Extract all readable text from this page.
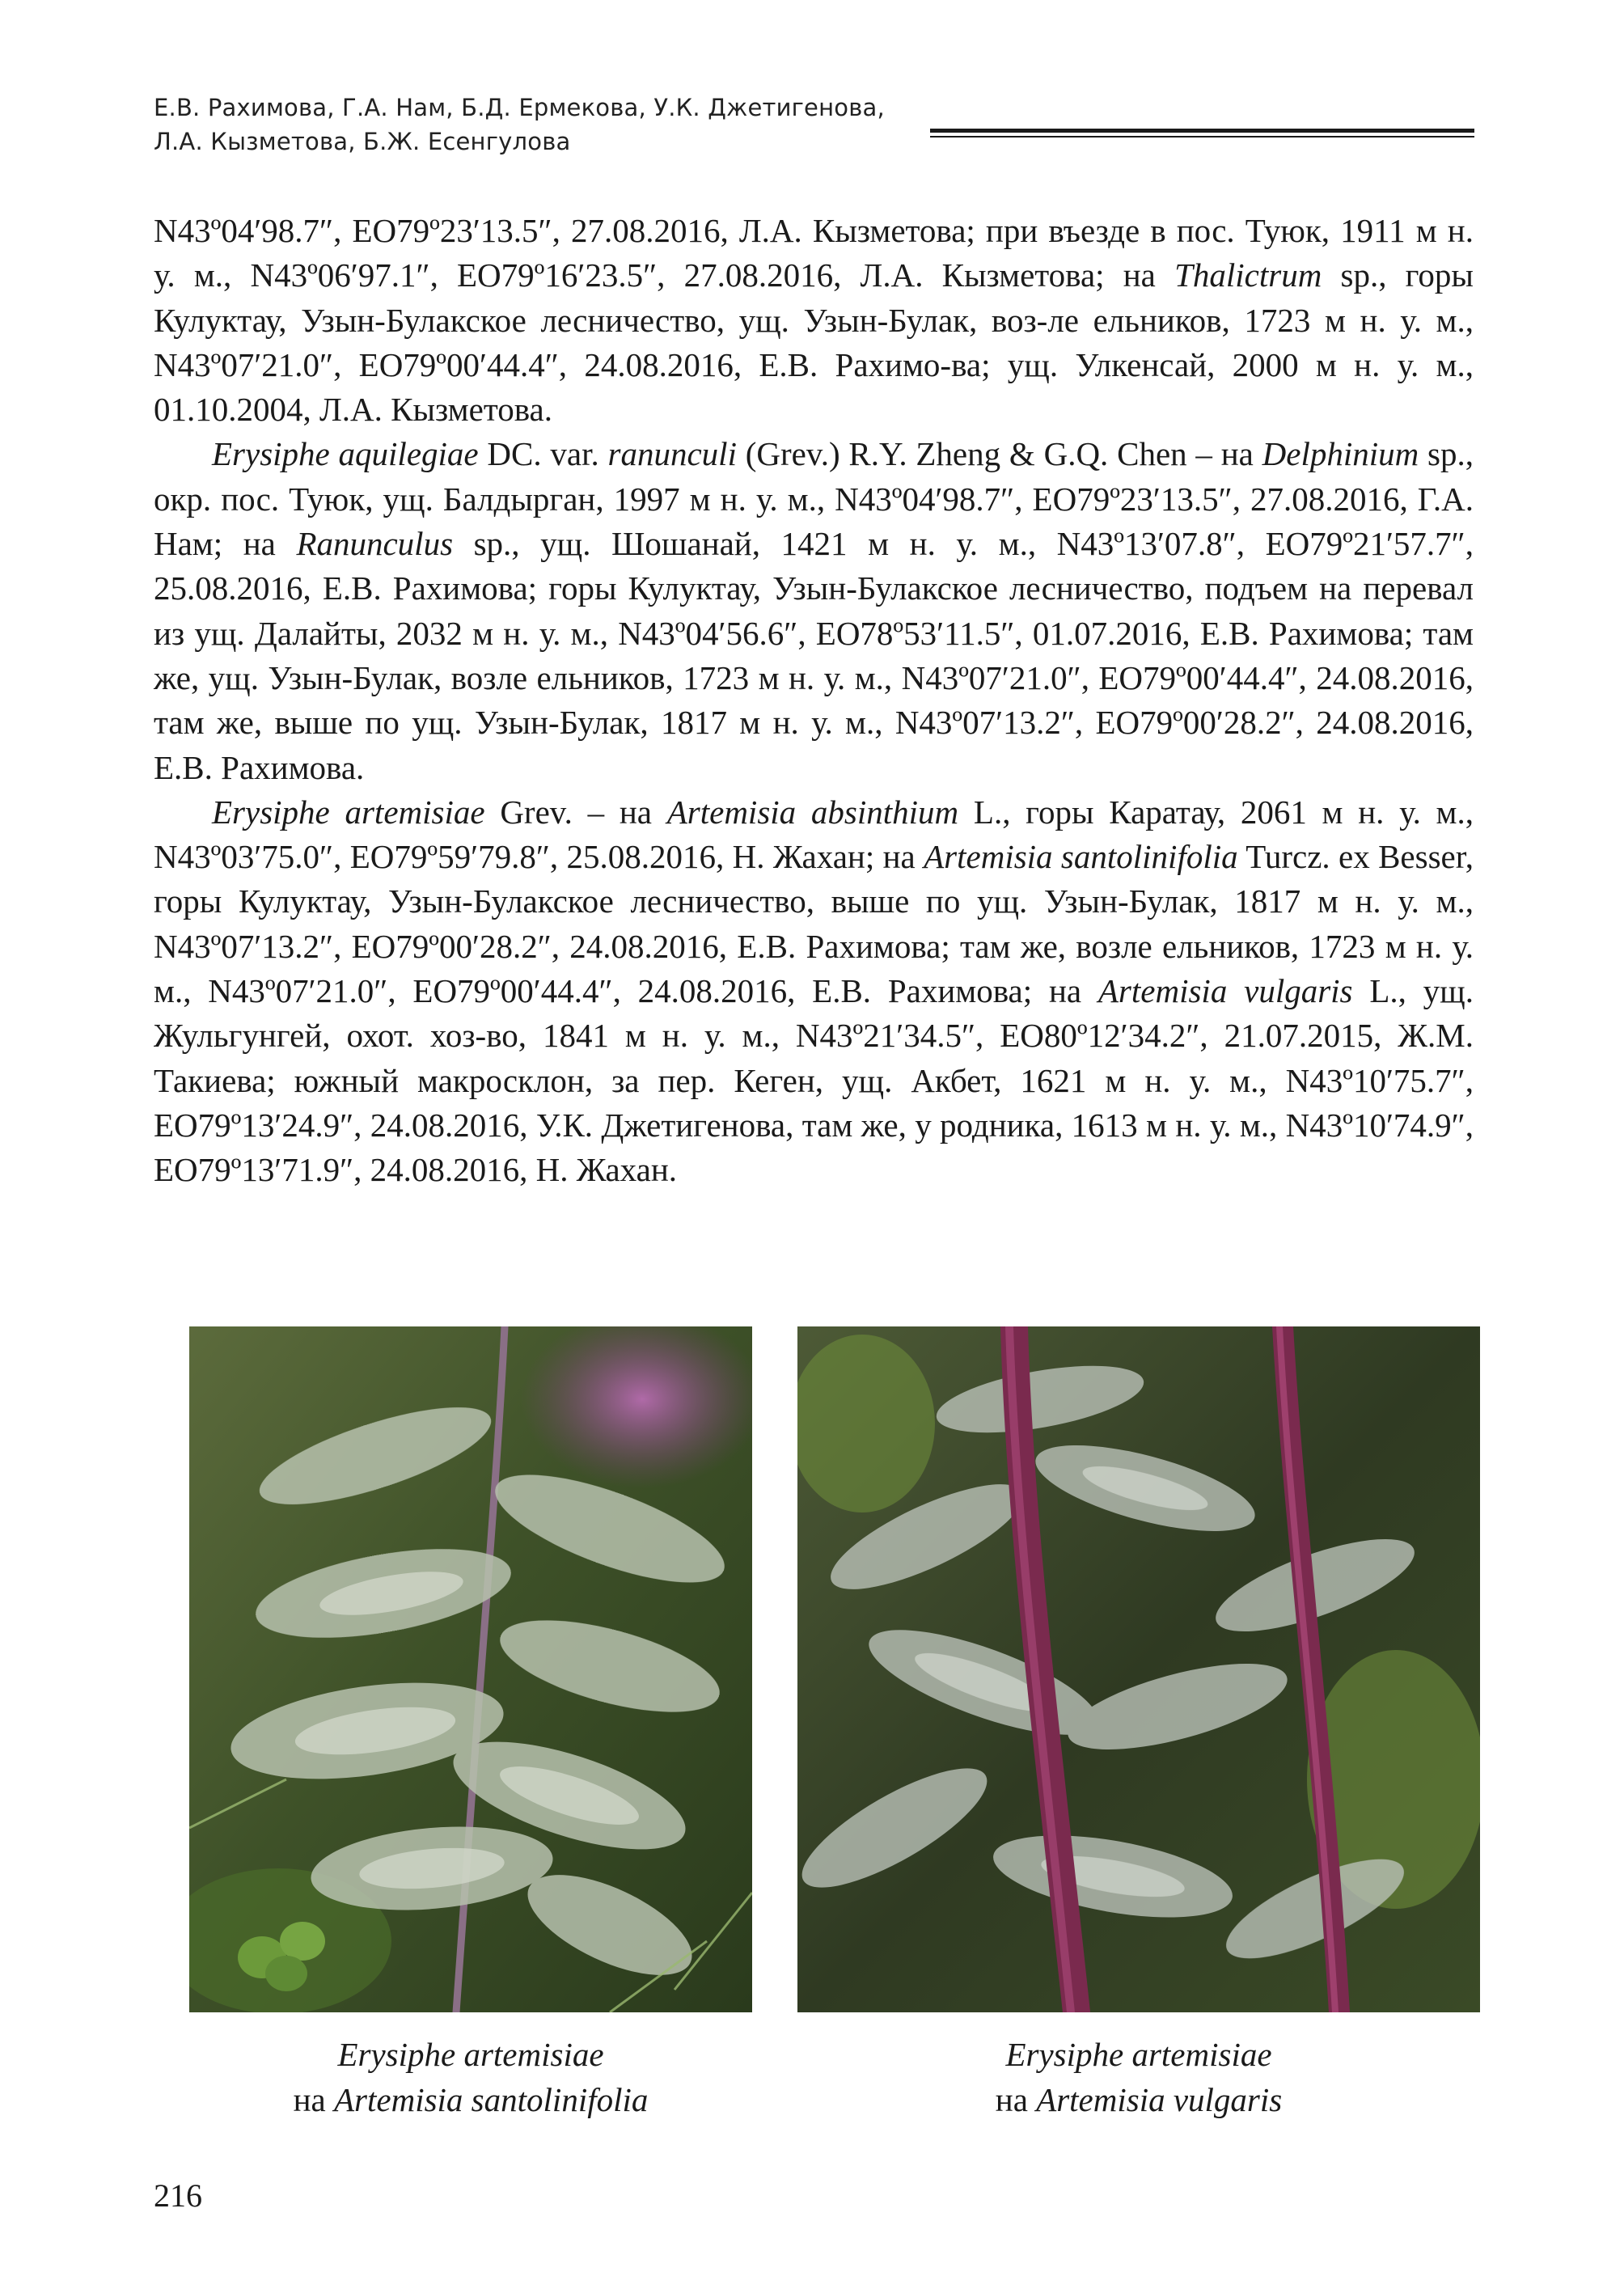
Е.В. Рахимова, Г.А. Нам, Б.Д. Ермекова, У.К. Джетигенова,
Л.А. Кызметова, Б.Ж. Есенгулова

N43º04′98.7″, EO79º23′13.5″, 27.08.2016, Л.А. Кызметова; при въезде в пос. Туюк, 1911 м н. у. м., N43º06′97.1″, EO79º16′23.5″, 27.08.2016, Л.А. Кызметова; на Thalictrum sp., горы Кулуктау, Узын-Булакское лесничество, ущ. Узын-Булак, воз-ле ельников, 1723 м н. у. м., N43º07′21.0″, EO79º00′44.4″, 24.08.2016, Е.В. Рахимо-ва; ущ. Улкенсай, 2000 м н. у. м., 01.10.2004, Л.А. Кызметова.

Erysiphe aquilegiae DC. var. ranunculi (Grev.) R.Y. Zheng & G.Q. Chen – на Delphinium sp., окр. пос. Туюк, ущ. Балдырган, 1997 м н. у. м., N43º04′98.7″, EO79º23′13.5″, 27.08.2016, Г.А. Нам; на Ranunculus sp., ущ. Шошанай, 1421 м н. у. м., N43º13′07.8″, EO79º21′57.7″, 25.08.2016, Е.В. Рахимова; горы Кулуктау, Узын-Булакское лесничество, подъем на перевал из ущ. Далайты, 2032 м н. у. м., N43º04′56.6″, EO78º53′11.5″, 01.07.2016, Е.В. Рахимова; там же, ущ. Узын-Булак, возле ельников, 1723 м н. у. м., N43º07′21.0″, EO79º00′44.4″, 24.08.2016, там же, выше по ущ. Узын-Булак, 1817 м н. у. м., N43º07′13.2″, EO79º00′28.2″, 24.08.2016, Е.В. Рахимова.

Erysiphe artemisiae Grev. – на Artemisia absinthium L., горы Каратау, 2061 м н. у. м., N43º03′75.0″, EO79º59′79.8″, 25.08.2016, Н. Жахан; на Artemisia santolinifolia Turcz. ex Besser, горы Кулуктау, Узын-Булакское лесничество, выше по ущ. Узын-Булак, 1817 м н. у. м., N43º07′13.2″, EO79º00′28.2″, 24.08.2016, Е.В. Рахимова; там же, возле ельников, 1723 м н. у. м., N43º07′21.0″, EO79º00′44.4″, 24.08.2016, Е.В. Рахимова; на Artemisia vulgaris L., ущ. Жульгунгей, охот. хоз-во, 1841 м н. у. м., N43º21′34.5″, EO80º12′34.2″, 21.07.2015, Ж.М. Такиева; южный макросклон, за пер. Кеген, ущ. Акбет, 1621 м н. у. м., N43º10′75.7″, EO79º13′24.9″, 24.08.2016, У.К. Джетигенова, там же, у родника, 1613 м н. у. м., N43º10′74.9″, EO79º13′71.9″, 24.08.2016, Н. Жахан.

Erysiphe artemisiae
на Artemisia santolinifolia
Erysiphe artemisiae
на Artemisia vulgaris
216
